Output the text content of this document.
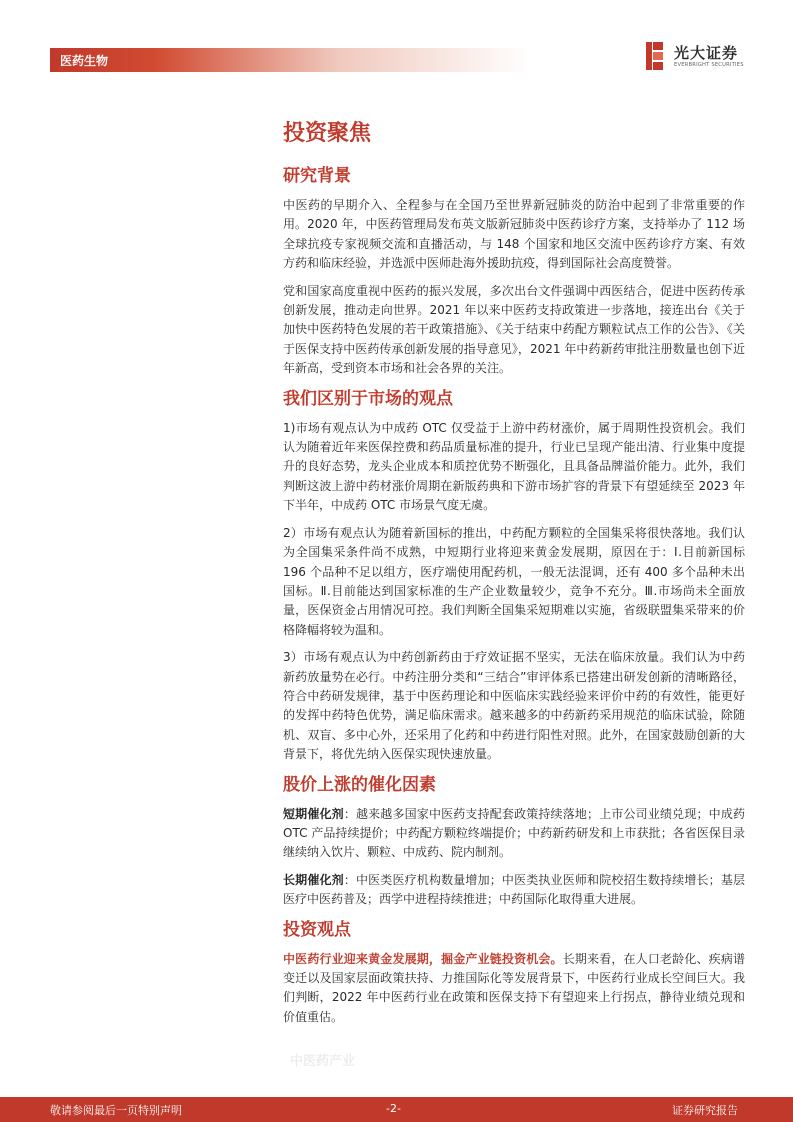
医药生物	光大证券
EVERBRIGHT SECURITIES
投资聚焦
研究背景

中医药的早期介入、全程参与在全国乃至世界新冠肺炎的防治中起到了非常重要的作用。2020 年，中医药管理局发布英文版新冠肺炎中医药诊疗方案，支持举办了 112 场全球抗疫专家视频交流和直播活动，与 148 个国家和地区交流中医药诊疗方案、有效方药和临床经验，并选派中医师赴海外援助抗疫，得到国际社会高度赞誉。

党和国家高度重视中医药的振兴发展，多次出台文件强调中西医结合，促进中医药传承创新发展，推动走向世界。2021 年以来中医药支持政策进一步落地，接连出台《关于加快中医药特色发展的若干政策措施》、《关于结束中药配方颗粒试点工作的公告》、《关于医保支持中医药传承创新发展的指导意见》，2021 年中药新药审批注册数量也创下近年新高，受到资本市场和社会各界的关注。

我们区别于市场的观点

1)市场有观点认为中成药 OTC 仅受益于上游中药材涨价，属于周期性投资机会。我们认为随着近年来医保控费和药品质量标准的提升，行业已呈现产能出清、行业集中度提升的良好态势，龙头企业成本和质控优势不断强化，且具备品牌溢价能力。此外，我们判断这波上游中药材涨价周期在新版药典和下游市场扩容的背景下有望延续至 2023 年下半年，中成药 OTC 市场景气度无虞。

2）市场有观点认为随着新国标的推出，中药配方颗粒的全国集采将很快落地。我们认为全国集采条件尚不成熟，中短期行业将迎来黄金发展期，原因在于：Ⅰ.目前新国标 196 个品种不足以组方，医疗端使用配药机，一般无法混调，还有 400 多个品种未出国标。Ⅱ.目前能达到国家标准的生产企业数量较少，竞争不充分。Ⅲ.市场尚未全面放量，医保资金占用情况可控。我们判断全国集采短期难以实施，省级联盟集采带来的价格降幅将较为温和。

3）市场有观点认为中药创新药由于疗效证据不坚实，无法在临床放量。我们认为中药新药放量势在必行。中药注册分类和“三结合”审评体系已搭建出研发创新的清晰路径，符合中药研发规律，基于中医药理论和中医临床实践经验来评价中药的有效性，能更好的发挥中药特色优势，满足临床需求。越来越多的中药新药采用规范的临床试验，除随机、双盲、多中心外，还采用了化药和中药进行阳性对照。此外，在国家鼓励创新的大背景下，将优先纳入医保实现快速放量。

股价上涨的催化因素

短期催化剂：越来越多国家中医药支持配套政策持续落地；上市公司业绩兑现；中成药 OTC 产品持续提价；中药配方颗粒终端提价；中药新药研发和上市获批；各省医保目录继续纳入饮片、颗粒、中成药、院内制剂。

长期催化剂：中医类医疗机构数量增加；中医类执业医师和院校招生数持续增长；基层医疗中医药普及；西学中进程持续推进；中药国际化取得重大进展。

投资观点

中医药行业迎来黄金发展期，掘金产业链投资机会。长期来看，在人口老龄化、疾病谱变迁以及国家层面政策扶持、力推国际化等发展背景下，中医药行业成长空间巨大。我们判断，2022 年中医药行业在政策和医保支持下有望迎来上行拐点，静待业绩兑现和价值重估。

中医药产业
敬请参阅最后一页特别声明	-2-	证券研究报告
